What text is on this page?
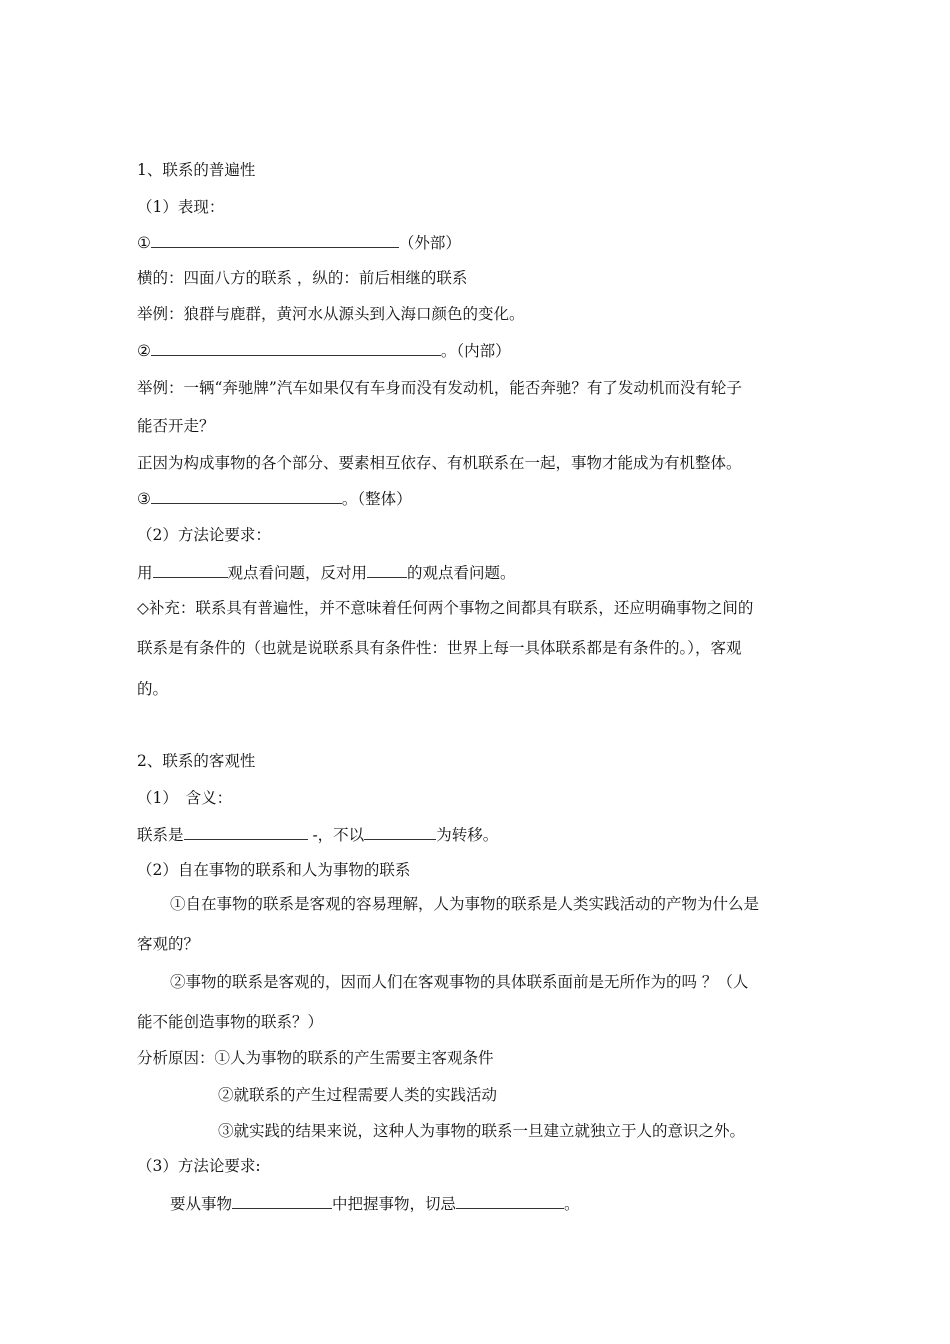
1、联系的普遍性
（1）表现：
①	（外部）
横的：四面八方的联系 ，纵的：前后相继的联系
举例：狼群与鹿群，黄河水从源头到入海口颜色的变化。
②	。（内部）
举例：一辆“奔驰牌”汽车如果仅有车身而没有发动机，能否奔驰？有了发动机而没有轮子
能否开走？
正因为构成事物的各个部分、要素相互依存、有机联系在一起，事物才能成为有机整体。
③	。（整体）
（2）方法论要求：
用	观点看问题，反对用	的观点看问题。
◇补充：联系具有普遍性，并不意味着任何两个事物之间都具有联系，还应明确事物之间的
联系是有条件的（也就是说联系具有条件性：世界上每一具体联系都是有条件的。），客观
的。
2、联系的客观性
（1）　含义：
联系是	-，不以	为转移。
（2）自在事物的联系和人为事物的联系
①自在事物的联系是客观的容易理解，人为事物的联系是人类实践活动的产物为什么是
客观的？
②事物的联系是客观的，因而人们在客观事物的具体联系面前是无所作为的吗 ？（人
能不能创造事物的联系？）
分析原因：①人为事物的联系的产生需要主客观条件
②就联系的产生过程需要人类的实践活动
③就实践的结果来说，这种人为事物的联系一旦建立就独立于人的意识之外。
（3）方法论要求:
要从事物	中把握事物，切忌	。
